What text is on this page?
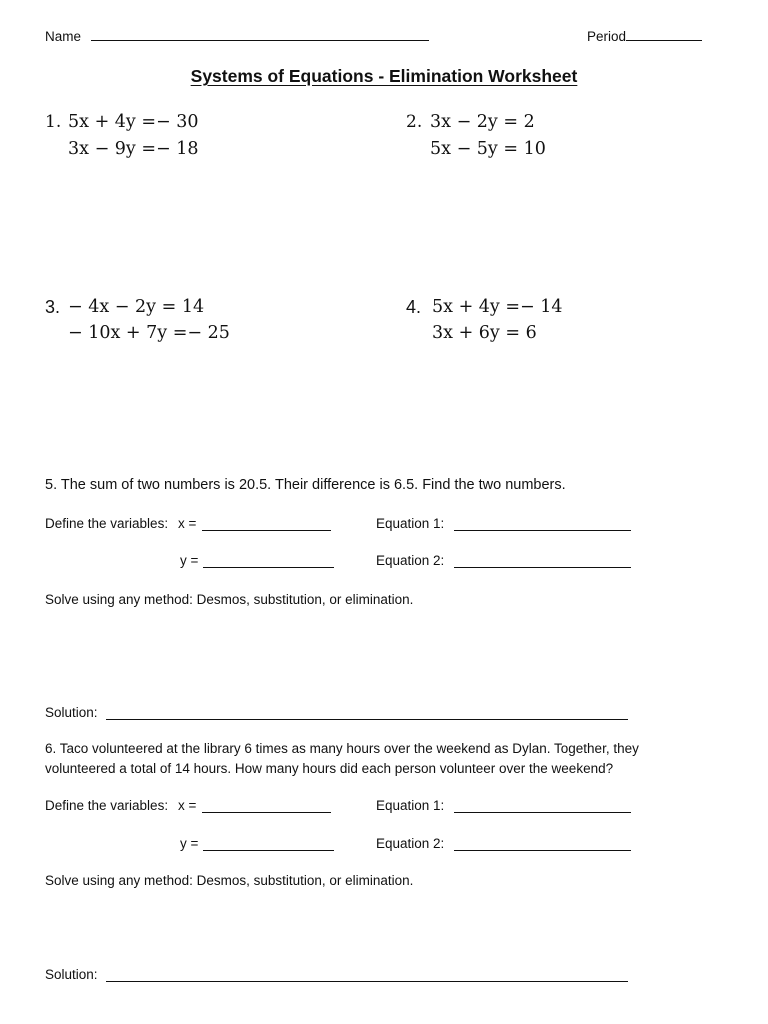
Name	Period
Systems of Equations - Elimination Worksheet
1. 5x + 4y =− 30
3x − 9y =− 18
2. 3x − 2y = 2
5x − 5y = 10
3. − 4x − 2y = 14
− 10x + 7y =− 25
4. 5x + 4y =− 14
3x + 6y = 6
5. The sum of two numbers is 20.5. Their difference is 6.5. Find the two numbers.
Define the variables: x =	Equation 1:
y =	Equation 2:
Solve using any method: Desmos, substitution, or elimination.
Solution:
6. Taco volunteered at the library 6 times as many hours over the weekend as Dylan. Together, they
volunteered a total of 14 hours. How many hours did each person volunteer over the weekend?
Define the variables: x =	Equation 1:
y =	Equation 2:
Solve using any method: Desmos, substitution, or elimination.
Solution:
